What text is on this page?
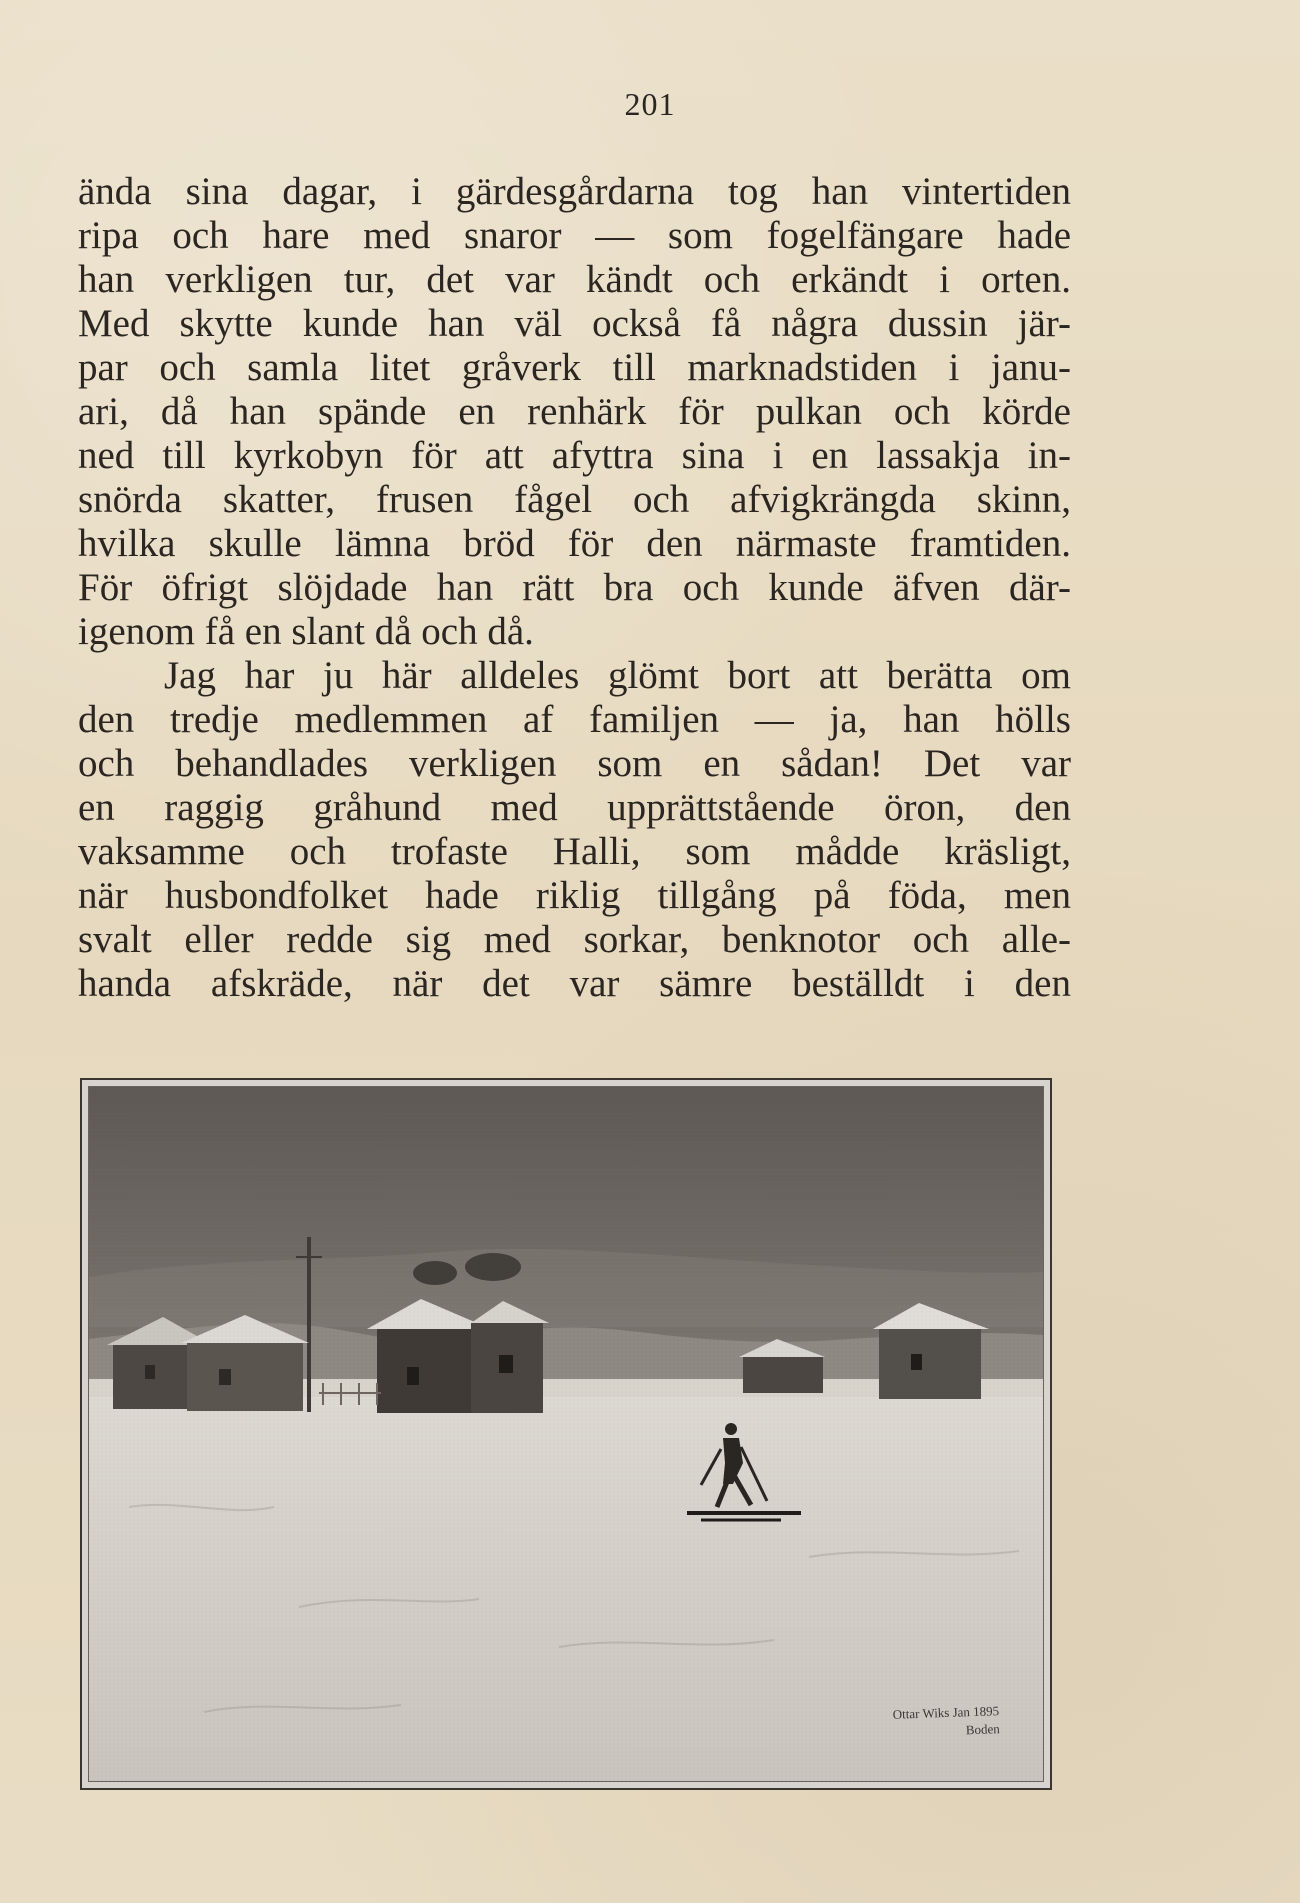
201
ända sina dagar, i gärdesgårdarna tog han vintertiden
ripa och hare med snaror — som fogelfängare hade
han verkligen tur, det var kändt och erkändt i orten.
Med skytte kunde han väl också få några dussin jär-
par och samla litet gråverk till marknadstiden i janu-
ari, då han spände en renhärk för pulkan och körde
ned till kyrkobyn för att afyttra sina i en lassakja in-
snörda skatter, frusen fågel och afvigkrängda skinn,
hvilka skulle lämna bröd för den närmaste framtiden.
För öfrigt slöjdade han rätt bra och kunde äfven där-
igenom få en slant då och då.
Jag har ju här alldeles glömt bort att berätta om
den tredje medlemmen af familjen — ja, han hölls
och behandlades verkligen som en sådan! Det var
en raggig gråhund med upprättstående öron, den
vaksamme och trofaste Halli, som mådde kräsligt,
när husbondfolket hade riklig tillgång på föda, men
svalt eller redde sig med sorkar, benknotor och alle-
handa afskräde, när det var sämre beställdt i den
Ottar Wiks Jan 1895
Boden
